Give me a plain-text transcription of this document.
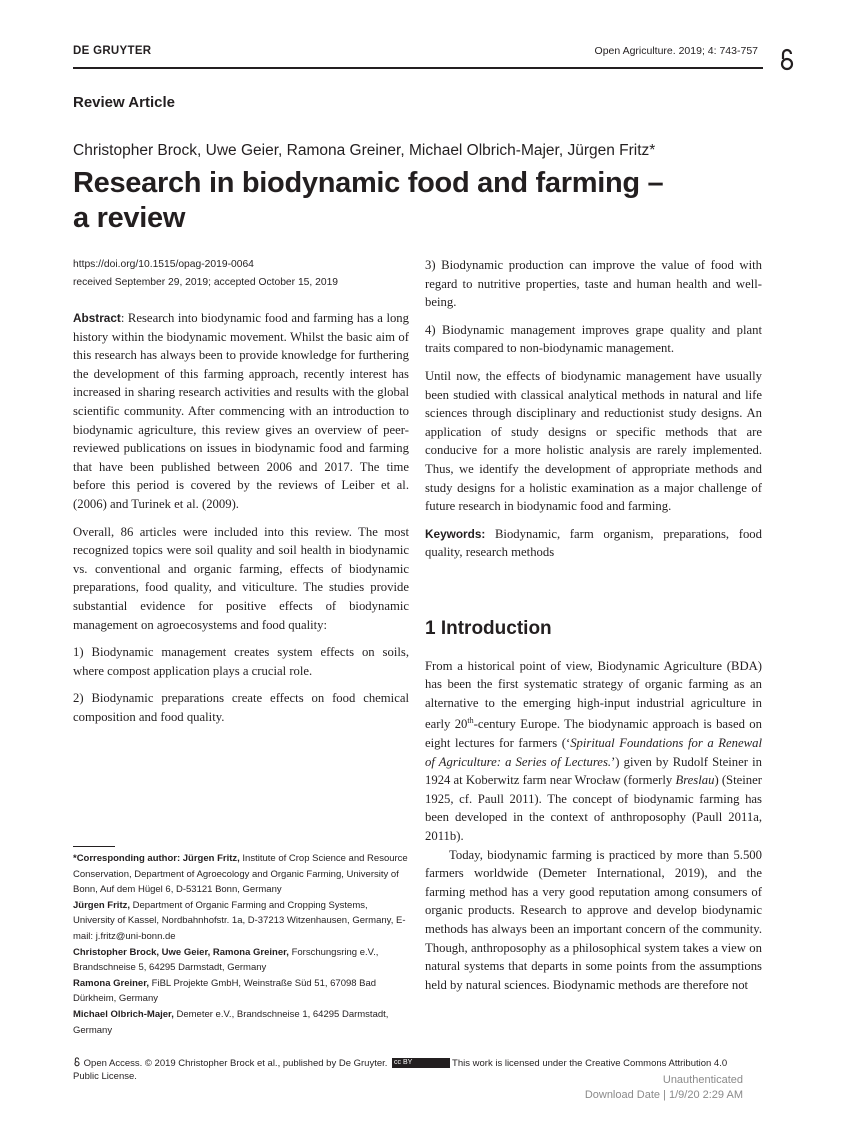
DE GRUYTER	Open Agriculture. 2019; 4: 743-757
Review Article
Christopher Brock, Uwe Geier, Ramona Greiner, Michael Olbrich-Majer, Jürgen Fritz*
Research in biodynamic food and farming –
a review

https://doi.org/10.1515/opag-2019-0064

received September 29, 2019; accepted October 15, 2019

Abstract: Research into biodynamic food and farming has a long history within the biodynamic movement. Whilst the basic aim of this research has always been to provide knowledge for furthering the development of this farming approach, recently interest has increased in sharing research activities and results with the global scientific community. After commencing with an introduction to biodynamic agriculture, this review gives an overview of peer-reviewed publications on issues in biodynamic food and farming that have been published between 2006 and 2017. The time before this period is covered by the reviews of Leiber et al. (2006) and Turinek et al. (2009).

Overall, 86 articles were included into this review. The most recognized topics were soil quality and soil health in biodynamic vs. conventional and organic farming, effects of biodynamic preparations, food quality, and viticulture. The studies provide substantial evidence for positive effects of biodynamic management on agroecosystems and food quality:

1) Biodynamic management creates system effects on soils, where compost application plays a crucial role.

2) Biodynamic preparations create effects on food chemical composition and food quality.

3) Biodynamic production can improve the value of food with regard to nutritive properties, taste and human health and well-being.

4) Biodynamic management improves grape quality and plant traits compared to non-biodynamic management.

Until now, the effects of biodynamic management have usually been studied with classical analytical methods in natural and life sciences through disciplinary and reductionist study designs. An application of study designs or specific methods that are conducive for a more holistic analysis are rarely implemented. Thus, we identify the development of appropriate methods and study designs for a holistic examination as a major challenge of future research in biodynamic food and farming.

Keywords: Biodynamic, farm organism, preparations, food quality, research methods

1 Introduction

From a historical point of view, Biodynamic Agriculture (BDA) has been the first systematic strategy of organic farming as an alternative to the emerging high-input industrial agriculture in early 20th-century Europe. The biodynamic approach is based on eight lectures for farmers (‘Spiritual Foundations for a Renewal of Agriculture: a Series of Lectures.’) given by Rudolf Steiner in 1924 at Koberwitz farm near Wrocław (formerly Breslau) (Steiner 1925, cf. Paull 2011). The concept of biodynamic farming has been developed in the context of anthroposophy (Paull 2011a, 2011b).

Today, biodynamic farming is practiced by more than 5.500 farmers worldwide (Demeter International, 2019), and the farming method has a very good reputation among consumers of organic products. Research to approve and develop biodynamic methods has always been an important concern of the community. Though, anthroposophy as a philosophical system takes a view on natural systems that departs in some points from the assumptions held by natural sciences. Biodynamic methods are therefore not

*Corresponding author: Jürgen Fritz, Institute of Crop Science and Resource Conservation, Department of Agroecology and Organic Farming, University of Bonn, Auf dem Hügel 6, D-53121 Bonn, Germany
Jürgen Fritz, Department of Organic Farming and Cropping Systems, University of Kassel, Nordbahnhofstr. 1a, D-37213 Witzenhausen, Germany, E-mail: j.fritz@uni-bonn.de
Christopher Brock, Uwe Geier, Ramona Greiner, Forschungsring e.V., Brandschneise 5, 64295 Darmstadt, Germany
Ramona Greiner, FiBL Projekte GmbH, Weinstraße Süd 51, 67098 Bad Dürkheim, Germany
Michael Olbrich-Majer, Demeter e.V., Brandschneise 1, 64295 Darmstadt, Germany
Open Access. © 2019 Christopher Brock et al., published by De Gruyter. cc BY	This work is licensed under the Creative Commons Attribution 4.0
Public License.	Unauthenticated
Download Date | 1/9/20 2:29 AM
